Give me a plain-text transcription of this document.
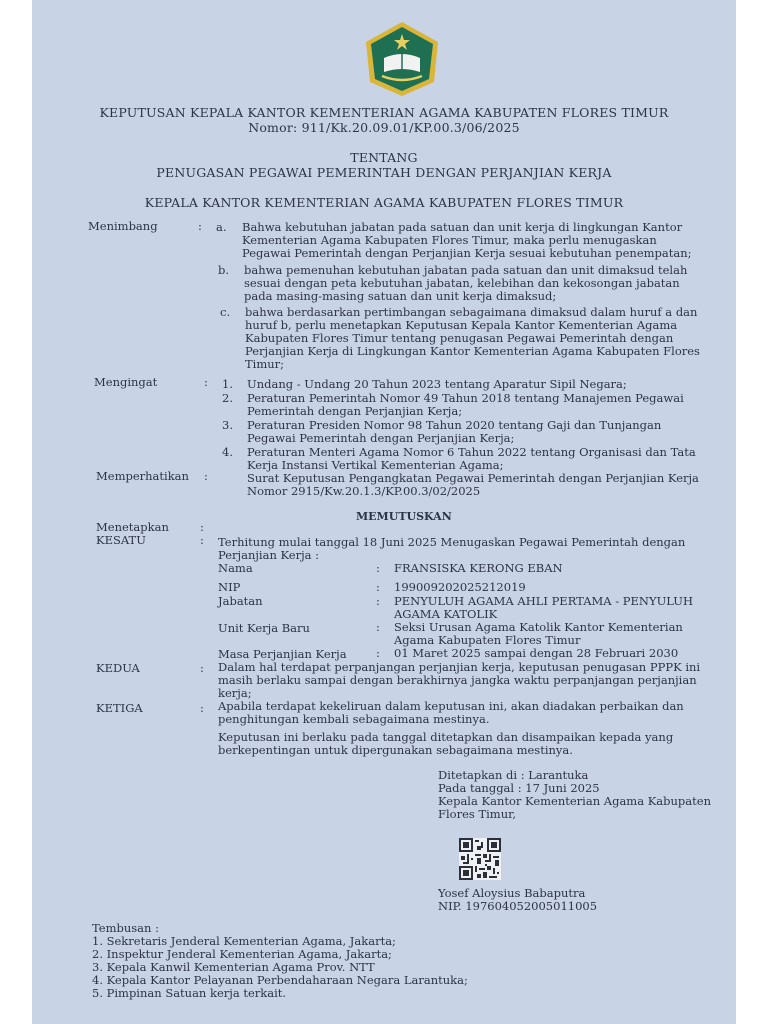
KEPUTUSAN KEPALA KANTOR KEMENTERIAN AGAMA KABUPATEN FLORES TIMUR

Nomor: 911/Kk.20.09.01/KP.00.3/06/2025

TENTANG

PENUGASAN PEGAWAI PEMERINTAH DENGAN PERJANJIAN KERJA

KEPALA KANTOR KEMENTERIAN AGAMA KABUPATEN FLORES TIMUR

Menimbang	: a. Bahwa kebutuhan jabatan pada satuan dan unit kerja di lingkungan Kantor

Kementerian Agama Kabupaten Flores Timur, maka perlu menugaskan

Pegawai Pemerintah dengan Perjanjian Kerja sesuai kebutuhan penempatan;

b. bahwa pemenuhan kebutuhan jabatan pada satuan dan unit dimaksud telah

sesuai dengan peta kebutuhan jabatan, kelebihan dan kekosongan jabatan

pada masing-masing satuan dan unit kerja dimaksud;

c. bahwa berdasarkan pertimbangan sebagaimana dimaksud dalam huruf a dan

huruf b, perlu menetapkan Keputusan Kepala Kantor Kementerian Agama

Kabupaten Flores Timur tentang penugasan Pegawai Pemerintah dengan

Perjanjian Kerja di Lingkungan Kantor Kementerian Agama Kabupaten Flores

Timur;

Mengingat	: 1. Undang - Undang 20 Tahun 2023 tentang Aparatur Sipil Negara;

2. Peraturan Pemerintah Nomor 49 Tahun 2018 tentang Manajemen Pegawai

Pemerintah dengan Perjanjian Kerja;

3. Peraturan Presiden Nomor 98 Tahun 2020 tentang Gaji dan Tunjangan

Pegawai Pemerintah dengan Perjanjian Kerja;

4. Peraturan Menteri Agama Nomor 6 Tahun 2022 tentang Organisasi dan Tata

Kerja Instansi Vertikal Kementerian Agama;

Memperhatikan :	Surat Keputusan Pengangkatan Pegawai Pemerintah dengan Perjanjian Kerja

Nomor 2915/Kw.20.1.3/KP.00.3/02/2025

MEMUTUSKAN

Menetapkan	:

KESATU	: Terhitung mulai tanggal 18 Juni 2025 Menugaskan Pegawai Pemerintah dengan

Perjanjian Kerja :

Nama	: FRANSISKA KERONG EBAN

NIP	: 199009202025212019

Jabatan	: PENYULUH AGAMA AHLI PERTAMA - PENYULUH

AGAMA KATOLIK

Unit Kerja Baru	: Seksi Urusan Agama Katolik Kantor Kementerian

Agama Kabupaten Flores Timur

Masa Perjanjian Kerja	: 01 Maret 2025 sampai dengan 28 Februari 2030

KEDUA	: Dalam hal terdapat perpanjangan perjanjian kerja, keputusan penugasan PPPK ini

masih berlaku sampai dengan berakhirnya jangka waktu perpanjangan perjanjian

kerja;

KETIGA	: Apabila terdapat kekeliruan dalam keputusan ini, akan diadakan perbaikan dan

penghitungan kembali sebagaimana mestinya.

Keputusan ini berlaku pada tanggal ditetapkan dan disampaikan kepada yang

berkepentingan untuk dipergunakan sebagaimana mestinya.

Ditetapkan di : Larantuka

Pada tanggal : 17 Juni 2025

Kepala Kantor Kementerian Agama Kabupaten

Flores Timur,

Yosef Aloysius Babaputra

NIP. 197604052005011005

Tembusan :

1. Sekretaris Jenderal Kementerian Agama, Jakarta;

2. Inspektur Jenderal Kementerian Agama, Jakarta;

3. Kepala Kanwil Kementerian Agama Prov. NTT

4. Kepala Kantor Pelayanan Perbendaharaan Negara Larantuka;

5. Pimpinan Satuan kerja terkait.
